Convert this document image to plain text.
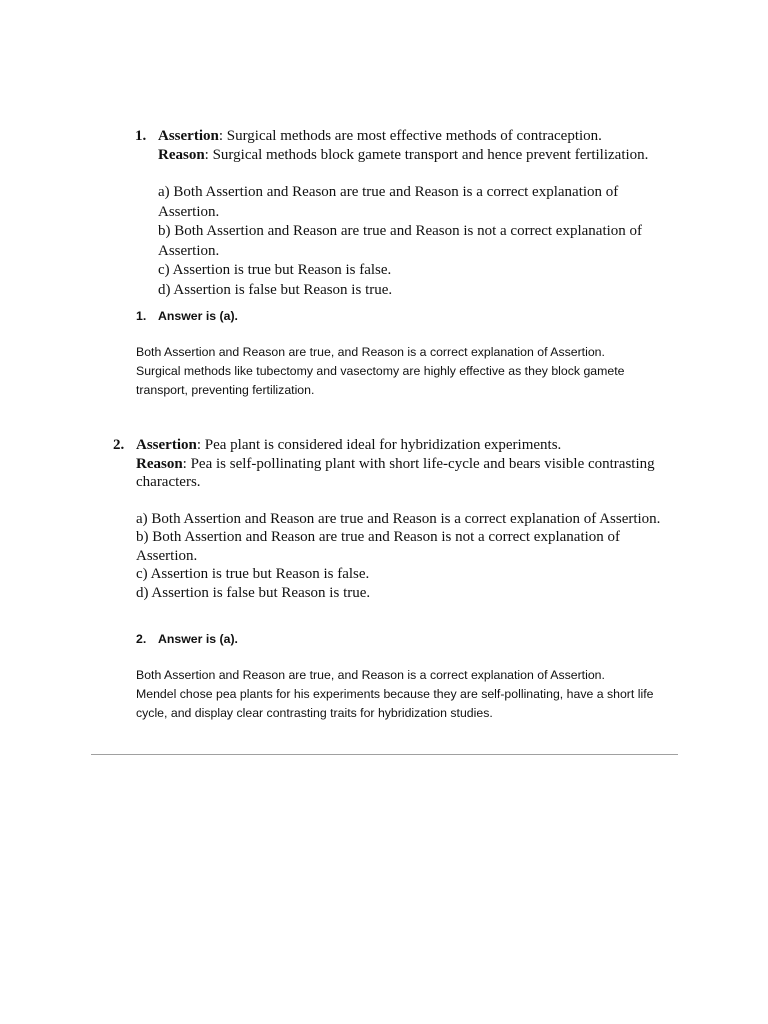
1. Assertion: Surgical methods are most effective methods of contraception.
Reason: Surgical methods block gamete transport and hence prevent fertilization.
a) Both Assertion and Reason are true and Reason is a correct explanation of
Assertion.
b) Both Assertion and Reason are true and Reason is not a correct explanation of
Assertion.
c) Assertion is true but Reason is false.
d) Assertion is false but Reason is true.
1. Answer is (a).
Both Assertion and Reason are true, and Reason is a correct explanation of Assertion.
Surgical methods like tubectomy and vasectomy are highly effective as they block gamete
transport, preventing fertilization.
2. Assertion: Pea plant is considered ideal for hybridization experiments.
Reason: Pea is self-pollinating plant with short life-cycle and bears visible contrasting
characters.
a) Both Assertion and Reason are true and Reason is a correct explanation of Assertion.
b) Both Assertion and Reason are true and Reason is not a correct explanation of
Assertion.
c) Assertion is true but Reason is false.
d) Assertion is false but Reason is true.
2. Answer is (a).
Both Assertion and Reason are true, and Reason is a correct explanation of Assertion.
Mendel chose pea plants for his experiments because they are self-pollinating, have a short life
cycle, and display clear contrasting traits for hybridization studies.
